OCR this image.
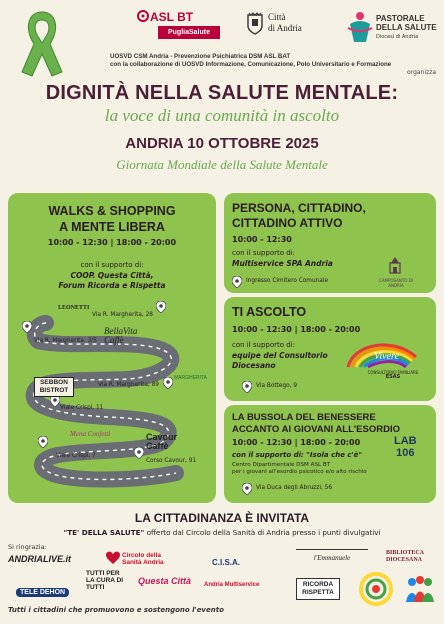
ASL BT
PugliaSalute
Città
di Andria
PASTORALE
DELLA SALUTE
Diocesi di Andria
UOSVD CSM Andria - Prevenzione Psichiatrica DSM ASL BAT
con la collaborazione di UOSVD Informazione, Comunicazione, Polo Universitario e Formazione
organizza
DIGNITÀ NELLA SALUTE MENTALE:
la voce di una comunità in ascolto
ANDRIA 10 OTTOBRE 2025
Giornata Mondiale della Salute Mentale
WALKS & SHOPPING
A MENTE LIBERA
10:00 - 12:30 | 18:00 - 20:00
con il supporto di:
COOP. Questa Città,
Forum Ricorda e Rispetta
Via R. Margherita, 28
Via R. Margherita, 3/5
Via R. Margherita, 89
Viale Crispi, 11
Viale Crispi, 7
Corso Cavour, 91
LEONETTI
BellaVita Caffè
MARGHERITA
SEBBON BISTROT
Mena Confetti	Cavour Caffè
PERSONA, CITTADINO,
CITTADINO ATTIVO
10:00 - 12:30
con il supporto di:
Multiservice SPA Andria
Ingresso Cimitero Comunale	CAMPOSANTO DI ANDRIA
TI ASCOLTO
10:00 - 12:30 | 18:00 - 20:00
con il supporto di:
equipe del Consultorio
Diocesano
Via Bottego, 9
Vivere
CONSULTORIO FAMILIARE
ESAS
LA BUSSOLA DEL BENESSERE
ACCANTO AI GIOVANI ALL'ESORDIO
10:00 - 12:30 | 18:00 - 20:00
con il supporto di: "Isola che c'è"
Centro Dipartimentale DSM ASL BT
per i giovani all'esordio psicotico e/o alto rischio
Via Duca degli Abruzzi, 56
LAB
106
LA CITTADINANZA È INVITATA
"TE' DELLA SALUTE" offerto dal Circolo della Sanità di Andria presso i punti divulgativi
Si ringrazia:
ANDRIALIVE.it	Circolo della Sanità Andria	C.I.S.A.	l'Emmanuele
BIBLIOTECA DIOCESANA
TELE DEHON
TUTTI PER LA CURA DI TUTTI
Questa Città Andria Multiservice	RICORDA RISPETTA
Tutti i cittadini che promuovono e sostengono l'evento
